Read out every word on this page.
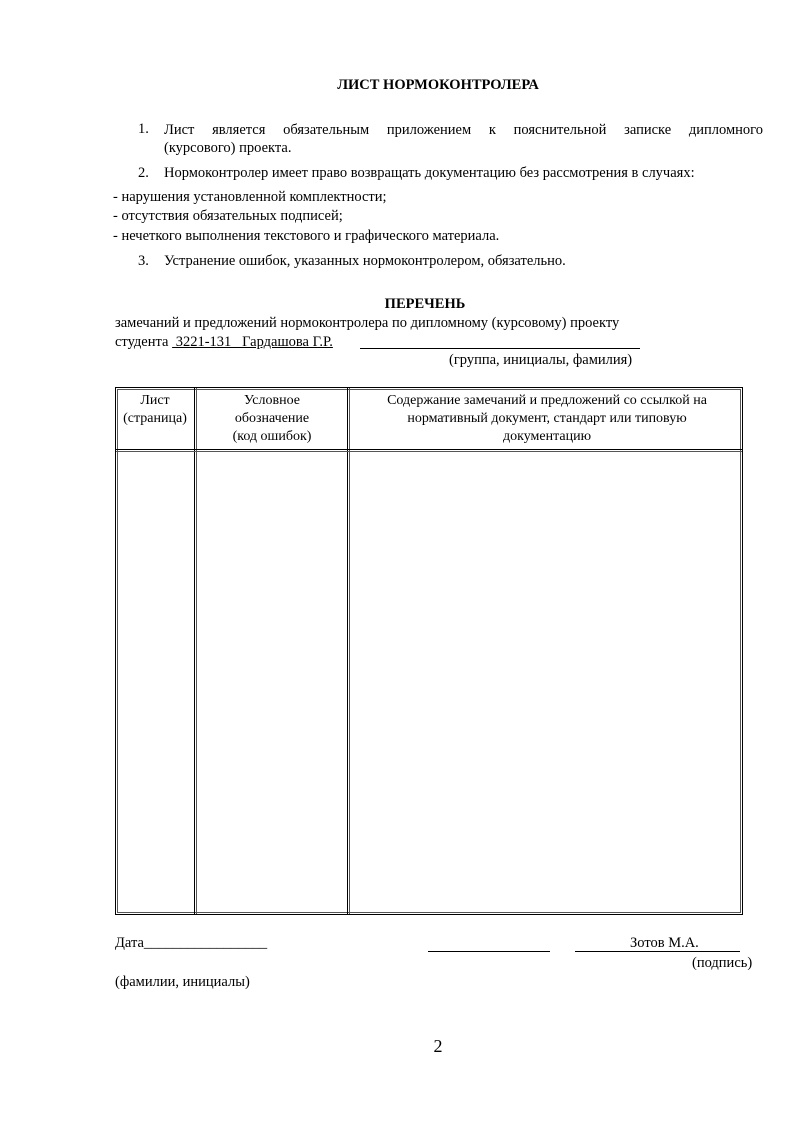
ЛИСТ НОРМОКОНТРОЛЕРА
1. Лист является обязательным приложением к пояснительной записке дипломного
(курсового) проекта.
2. Нормоконтролер имеет право возвращать документацию без рассмотрения в случаях:
- нарушения установленной комплектности;
- отсутствия обязательных подписей;
- нечеткого выполнения текстового и графического материала.
3. Устранение ошибок, указанных нормоконтролером, обязательно.
ПЕРЕЧЕНЬ
замечаний и предложений нормоконтролера по дипломному (курсовому) проекту
студента  3221-131   Гардашова Г.Р.
(группа, инициалы, фамилия)
Лист
(страница)
Условное
обозначение
(код ошибок)
Содержание замечаний и предложений со ссылкой на
нормативный документ, стандарт или типовую
документацию
Дата_________________	Зотов М.А.
(подпись)
(фамилии, инициалы)
2
